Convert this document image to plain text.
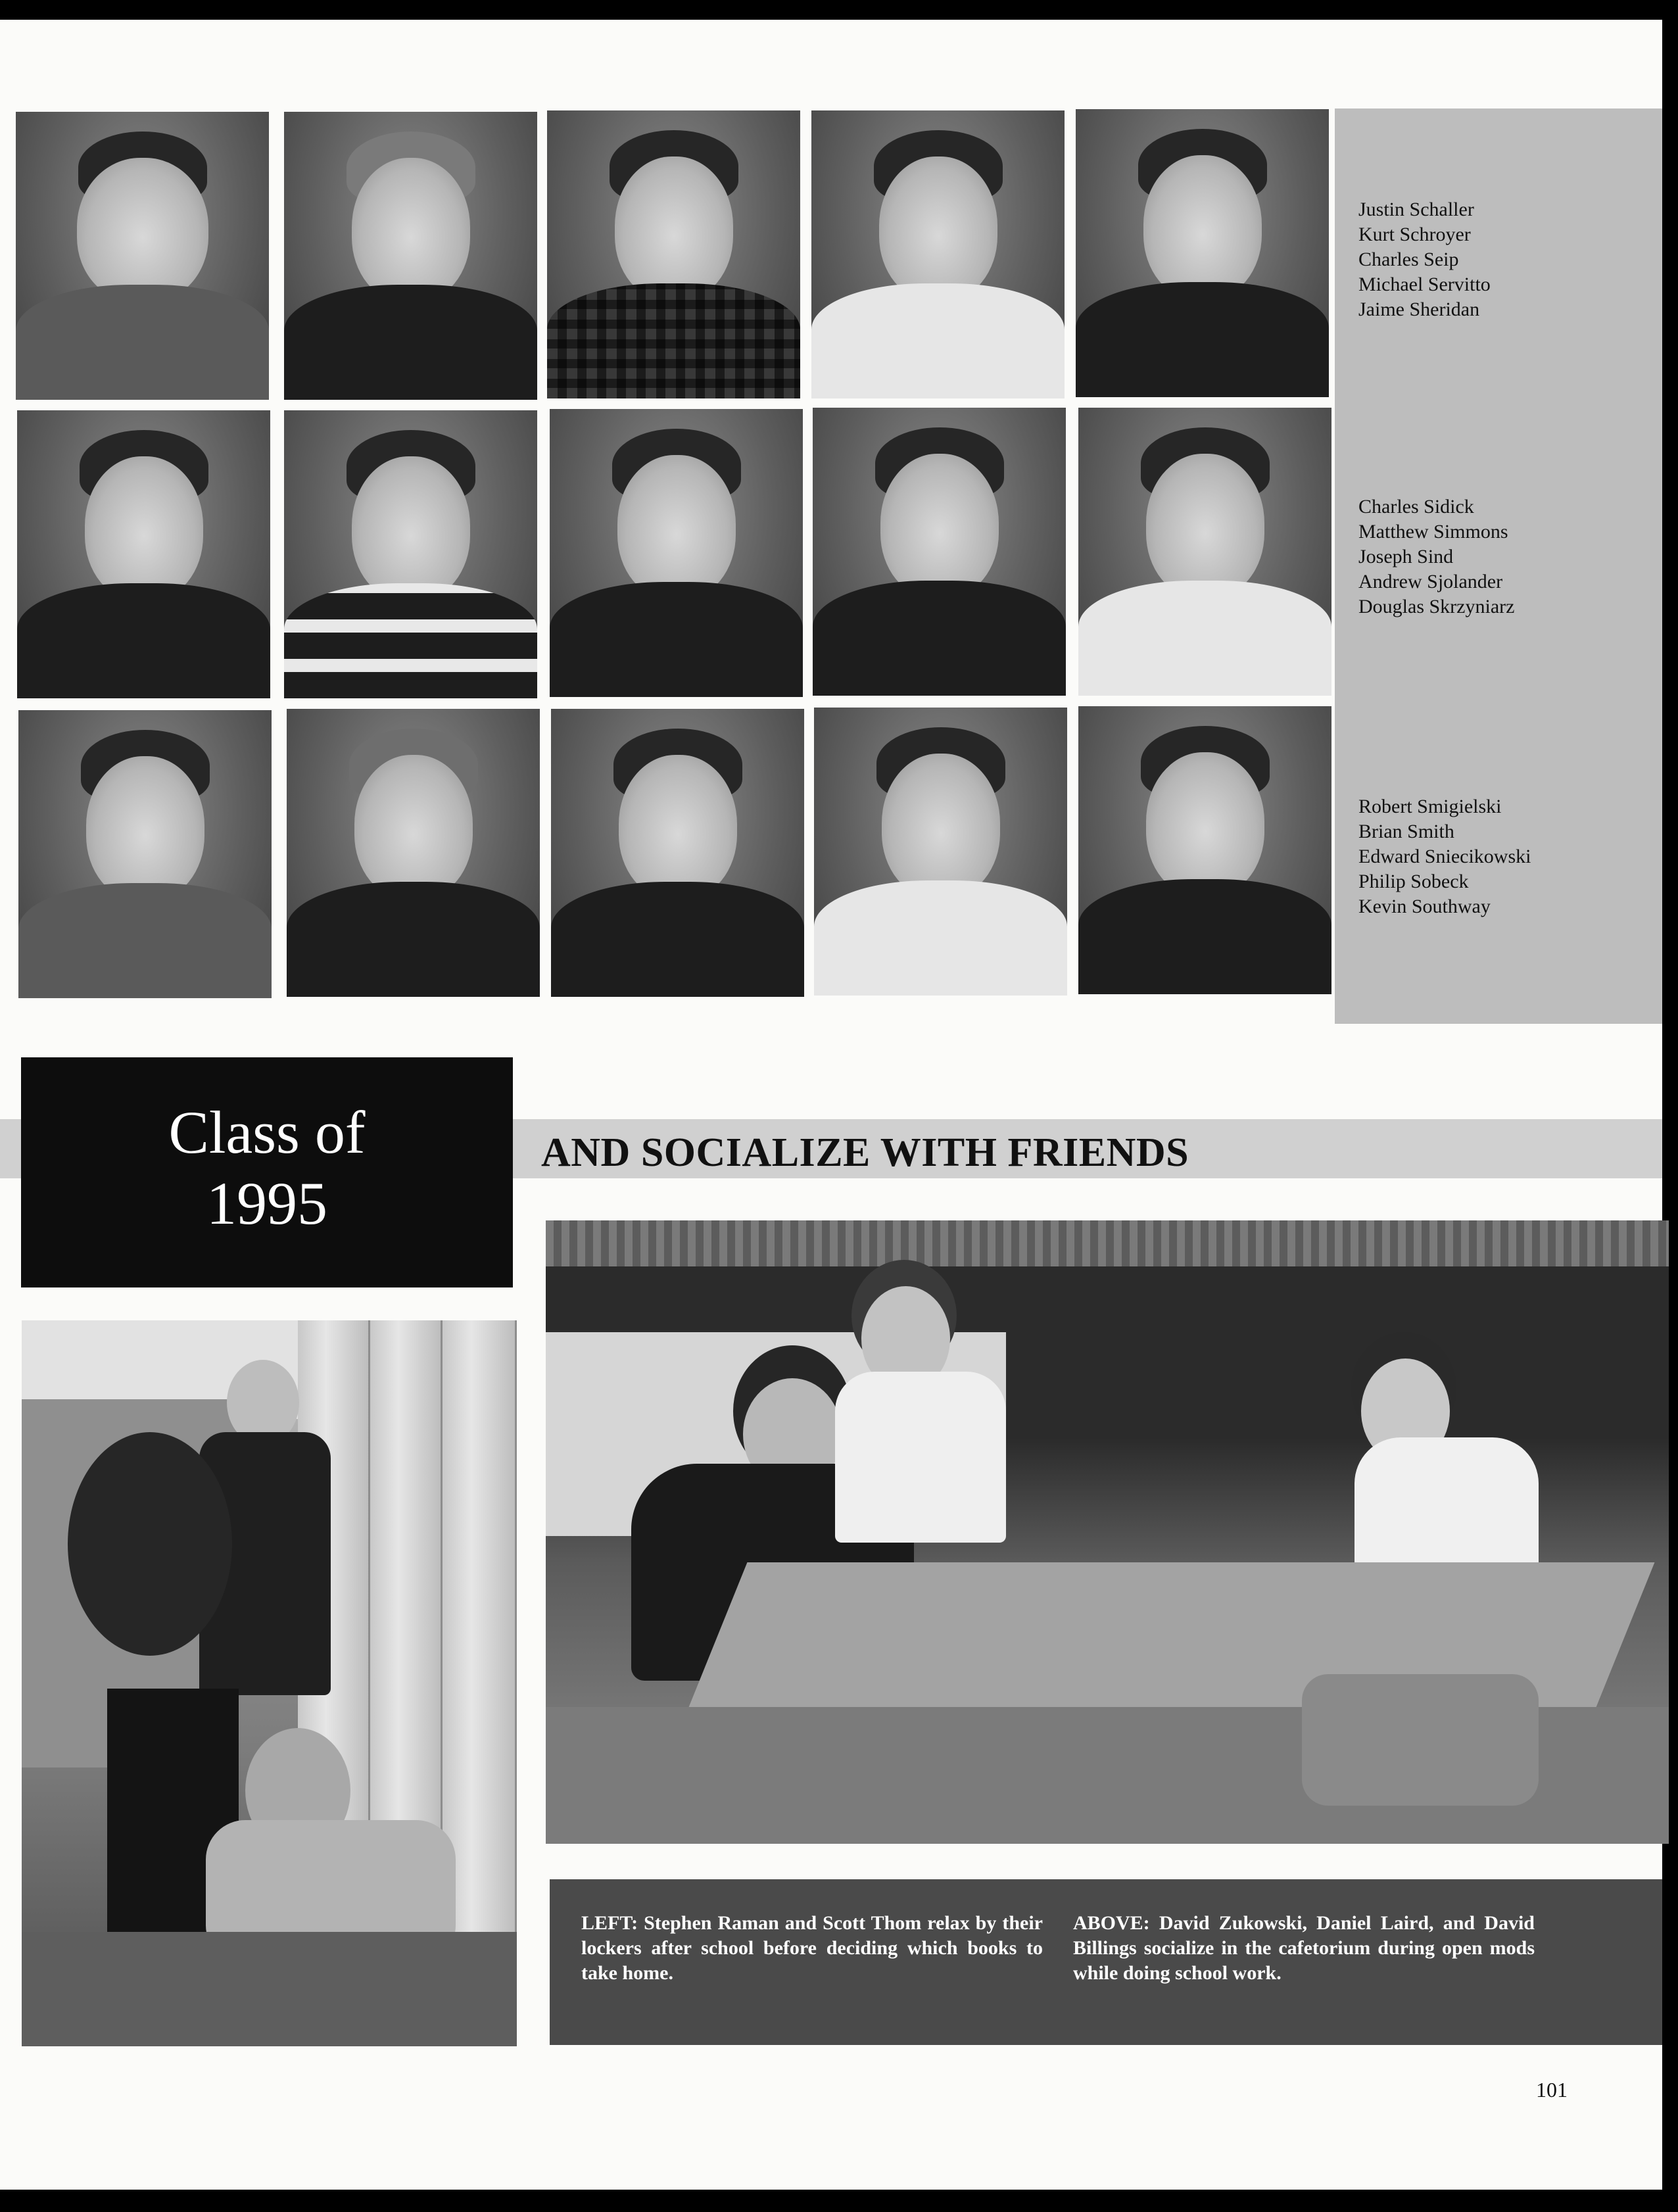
Justin Schaller
Kurt Schroyer
Charles Seip
Michael Servitto
Jaime Sheridan
Charles Sidick
Matthew Simmons
Joseph Sind
Andrew Sjolander
Douglas Skrzyniarz
Robert Smigielski
Brian Smith
Edward Sniecikowski
Philip Sobeck
Kevin Southway
Class of
1995
AND SOCIALIZE WITH FRIENDS

LEFT: Stephen Raman and Scott Thom relax by their lockers after school before deciding which books to take home.

ABOVE: David Zukowski, Daniel Laird, and David Billings socialize in the cafetorium during open mods while doing school work.

101
